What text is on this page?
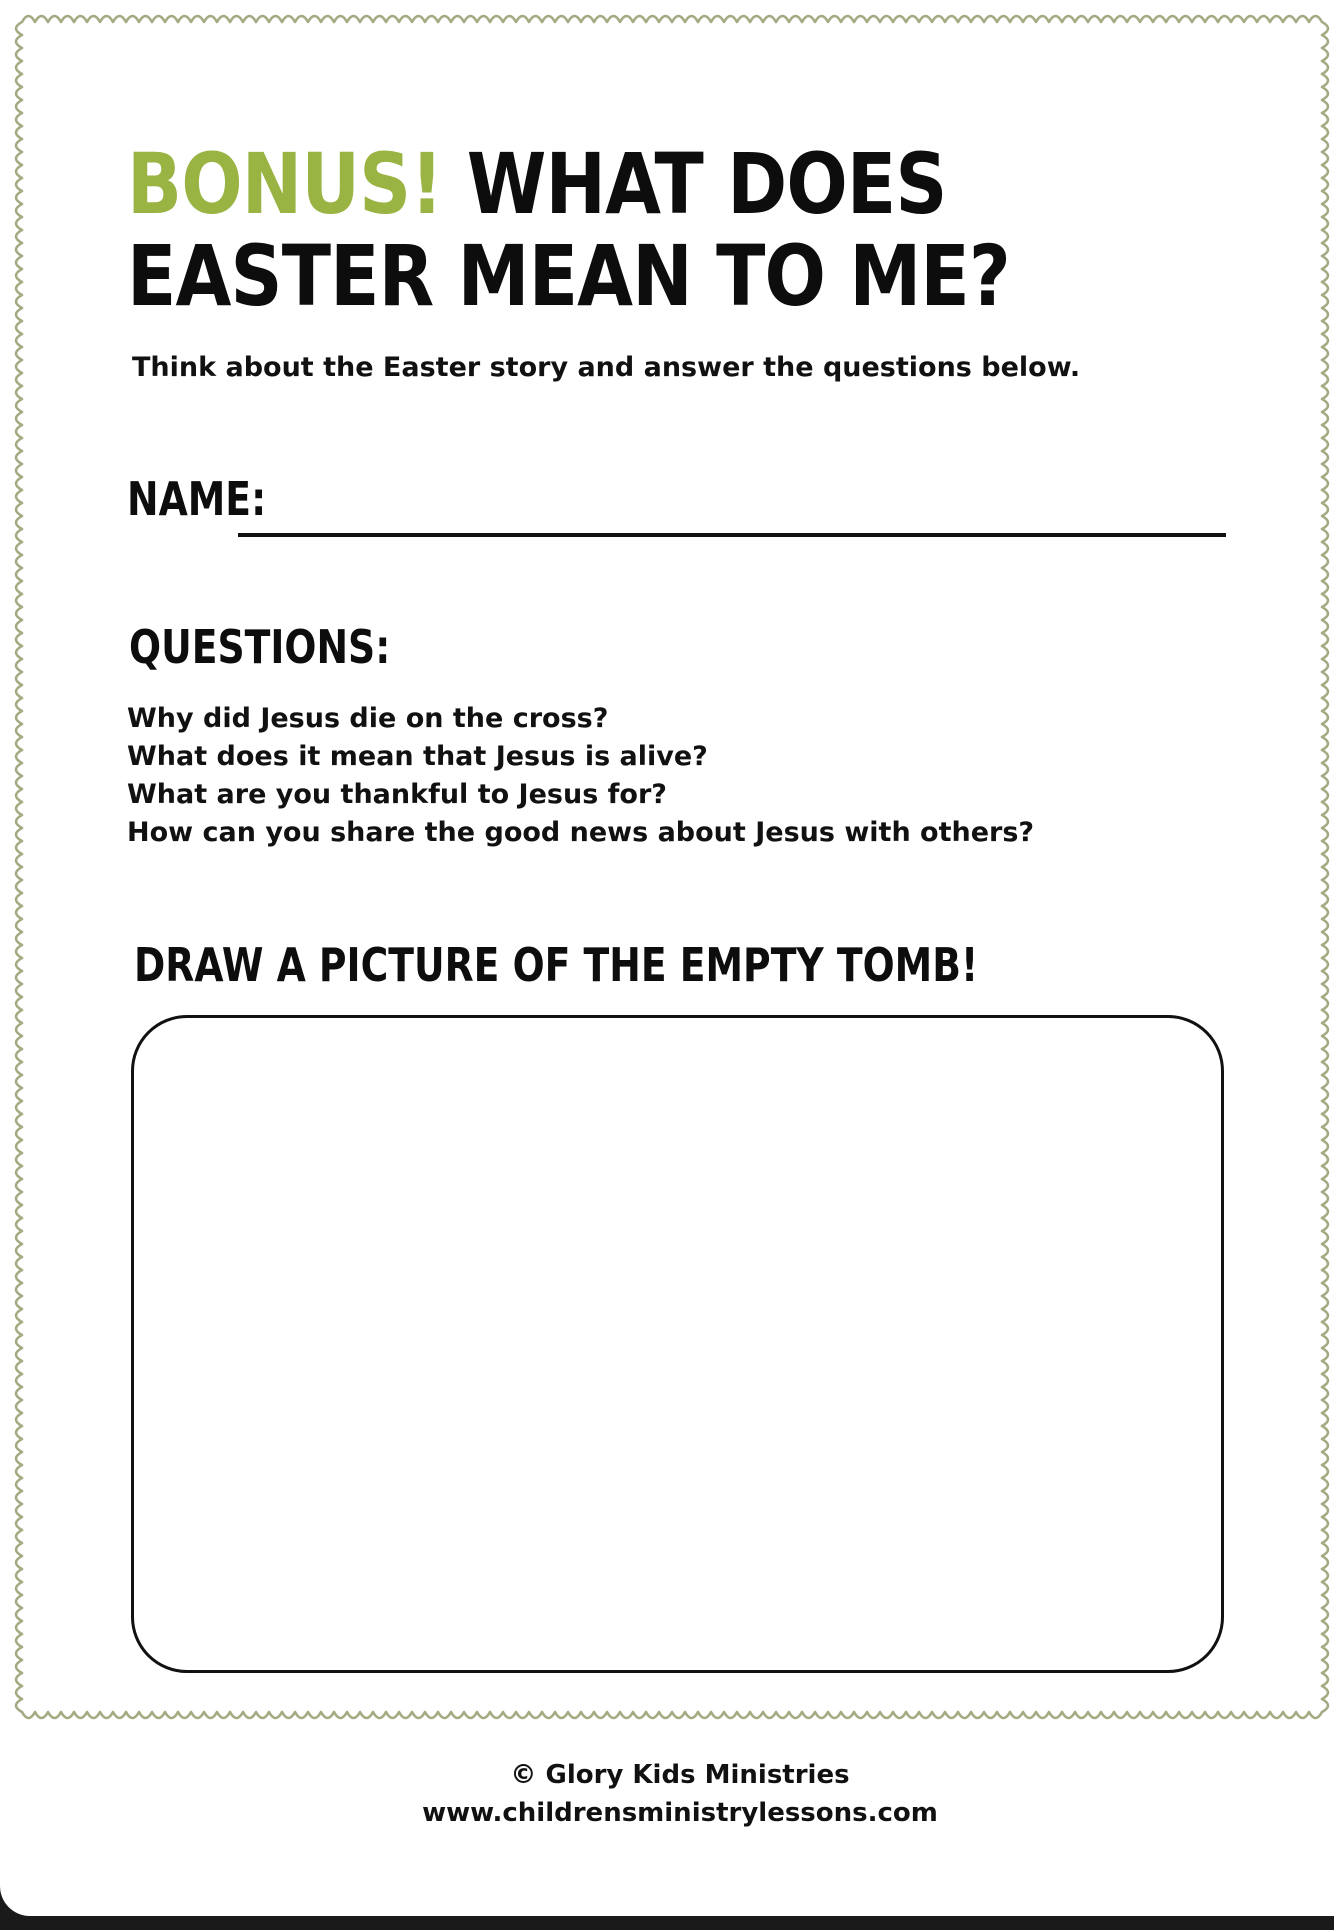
BONUS! WHAT DOES
EASTER MEAN TO ME?
Think about the Easter story and answer the questions below.
NAME:
QUESTIONS:
Why did Jesus die on the cross?
What does it mean that Jesus is alive?
What are you thankful to Jesus for?
How can you share the good news about Jesus with others?
DRAW A PICTURE OF THE EMPTY TOMB!
© Glory Kids Ministries
www.childrensministrylessons.com
